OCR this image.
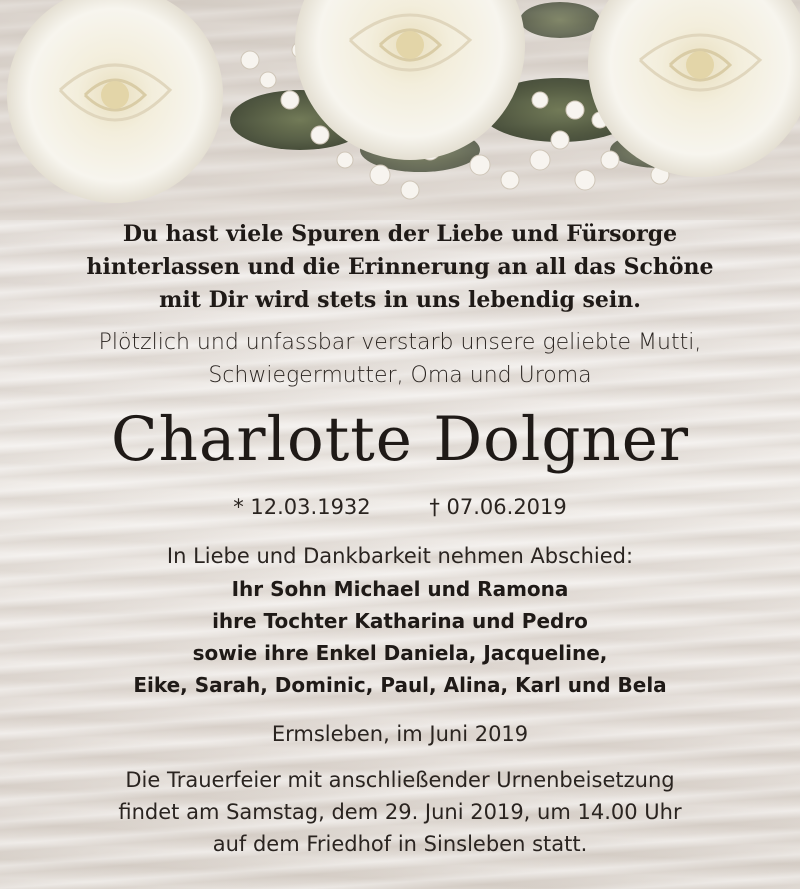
Du hast viele Spuren der Liebe und Fürsorge
hinterlassen und die Erinnerung an all das Schöne
mit Dir wird stets in uns lebendig sein.
Plötzlich und unfassbar verstarb unsere geliebte Mutti,
Schwiegermutter, Oma und Uroma
Charlotte Dolgner
* 12.03.1932	† 07.06.2019
In Liebe und Dankbarkeit nehmen Abschied:
Ihr Sohn Michael und Ramona
ihre Tochter Katharina und Pedro
sowie ihre Enkel Daniela, Jacqueline,
Eike, Sarah, Dominic, Paul, Alina, Karl und Bela
Ermsleben, im Juni 2019
Die Trauerfeier mit anschließender Urnenbeisetzung
findet am Samstag, dem 29. Juni 2019, um 14.00 Uhr
auf dem Friedhof in Sinsleben statt.
